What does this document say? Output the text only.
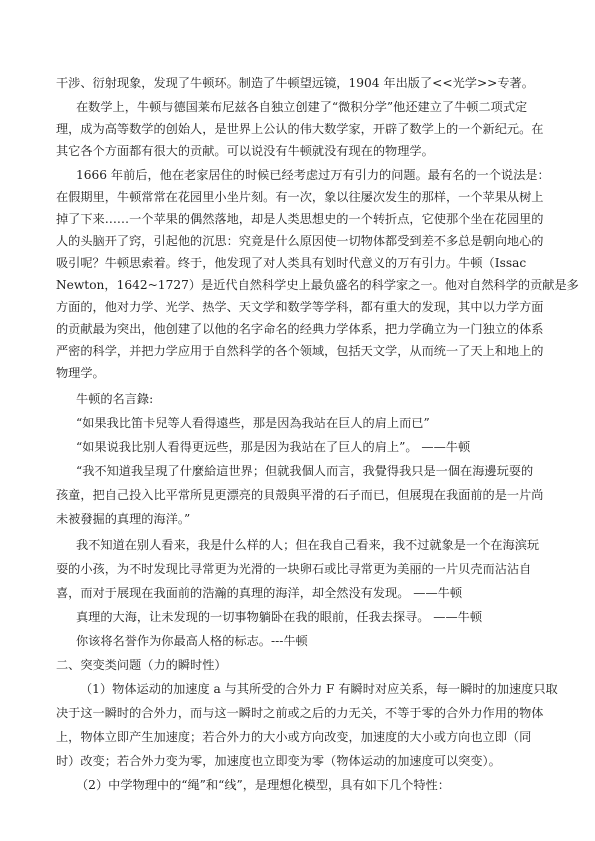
干涉、衍射现象，发现了牛顿环。制造了牛顿望远镜，1904 年出版了<<光学>>专著。
在数学上，牛顿与德国莱布尼兹各自独立创建了“微积分学”他还建立了牛顿二项式定
理，成为高等数学的创始人，是世界上公认的伟大数学家，开辟了数学上的一个新纪元。在
其它各个方面都有很大的贡献。可以说没有牛顿就没有现在的物理学。
1666 年前后，他在老家居住的时候已经考虑过万有引力的问题。最有名的一个说法是：
在假期里，牛顿常常在花园里小坐片刻。有一次，象以往屡次发生的那样，一个苹果从树上
掉了下来……一个苹果的偶然落地，却是人类思想史的一个转折点，它使那个坐在花园里的
人的头脑开了窍，引起他的沉思：究竟是什么原因使一切物体都受到差不多总是朝向地心的
吸引呢？牛顿思索着。终于，他发现了对人类具有划时代意义的万有引力。牛顿（Issac
Newton，1642~1727）是近代自然科学史上最负盛名的科学家之一。他对自然科学的贡献是多
方面的，他对力学、光学、热学、天文学和数学等学科，都有重大的发现，其中以力学方面
的贡献最为突出，他创建了以他的名字命名的经典力学体系，把力学确立为一门独立的体系
严密的科学，并把力学应用于自然科学的各个领域，包括天文学，从而统一了天上和地上的
物理学。
牛顿的名言錄:
“如果我比笛卡兒等人看得遠些，那是因為我站在巨人的肩上而已”
“如果说我比别人看得更远些，那是因为我站在了巨人的肩上”。 ——牛顿
“我不知道我呈現了什麼給這世界；但就我個人而言，我覺得我只是一個在海邊玩耍的
孩童，把自己投入比平常所見更漂亮的貝殼與平滑的石子而已，但展現在我面前的是一片尚
未被發掘的真理的海洋。”
我不知道在别人看来，我是什么样的人；但在我自己看来，我不过就象是一个在海滨玩
耍的小孩，为不时发现比寻常更为光滑的一块卵石或比寻常更为美丽的一片贝壳而沾沾自
喜，而对于展现在我面前的浩瀚的真理的海洋，却全然没有发现。 ——牛顿
真理的大海，让未发现的一切事物躺卧在我的眼前，任我去探寻。 ——牛顿
你该将名誉作为你最高人格的标志。---牛顿
二、突变类问题（力的瞬时性）
（1）物体运动的加速度 a 与其所受的合外力 F 有瞬时对应关系，每一瞬时的加速度只取
决于这一瞬时的合外力，而与这一瞬时之前或之后的力无关，不等于零的合外力作用的物体
上，物体立即产生加速度；若合外力的大小或方向改变，加速度的大小或方向也立即（同
时）改变；若合外力变为零，加速度也立即变为零（物体运动的加速度可以突变）。
（2）中学物理中的“绳”和“线”，是理想化模型，具有如下几个特性：
